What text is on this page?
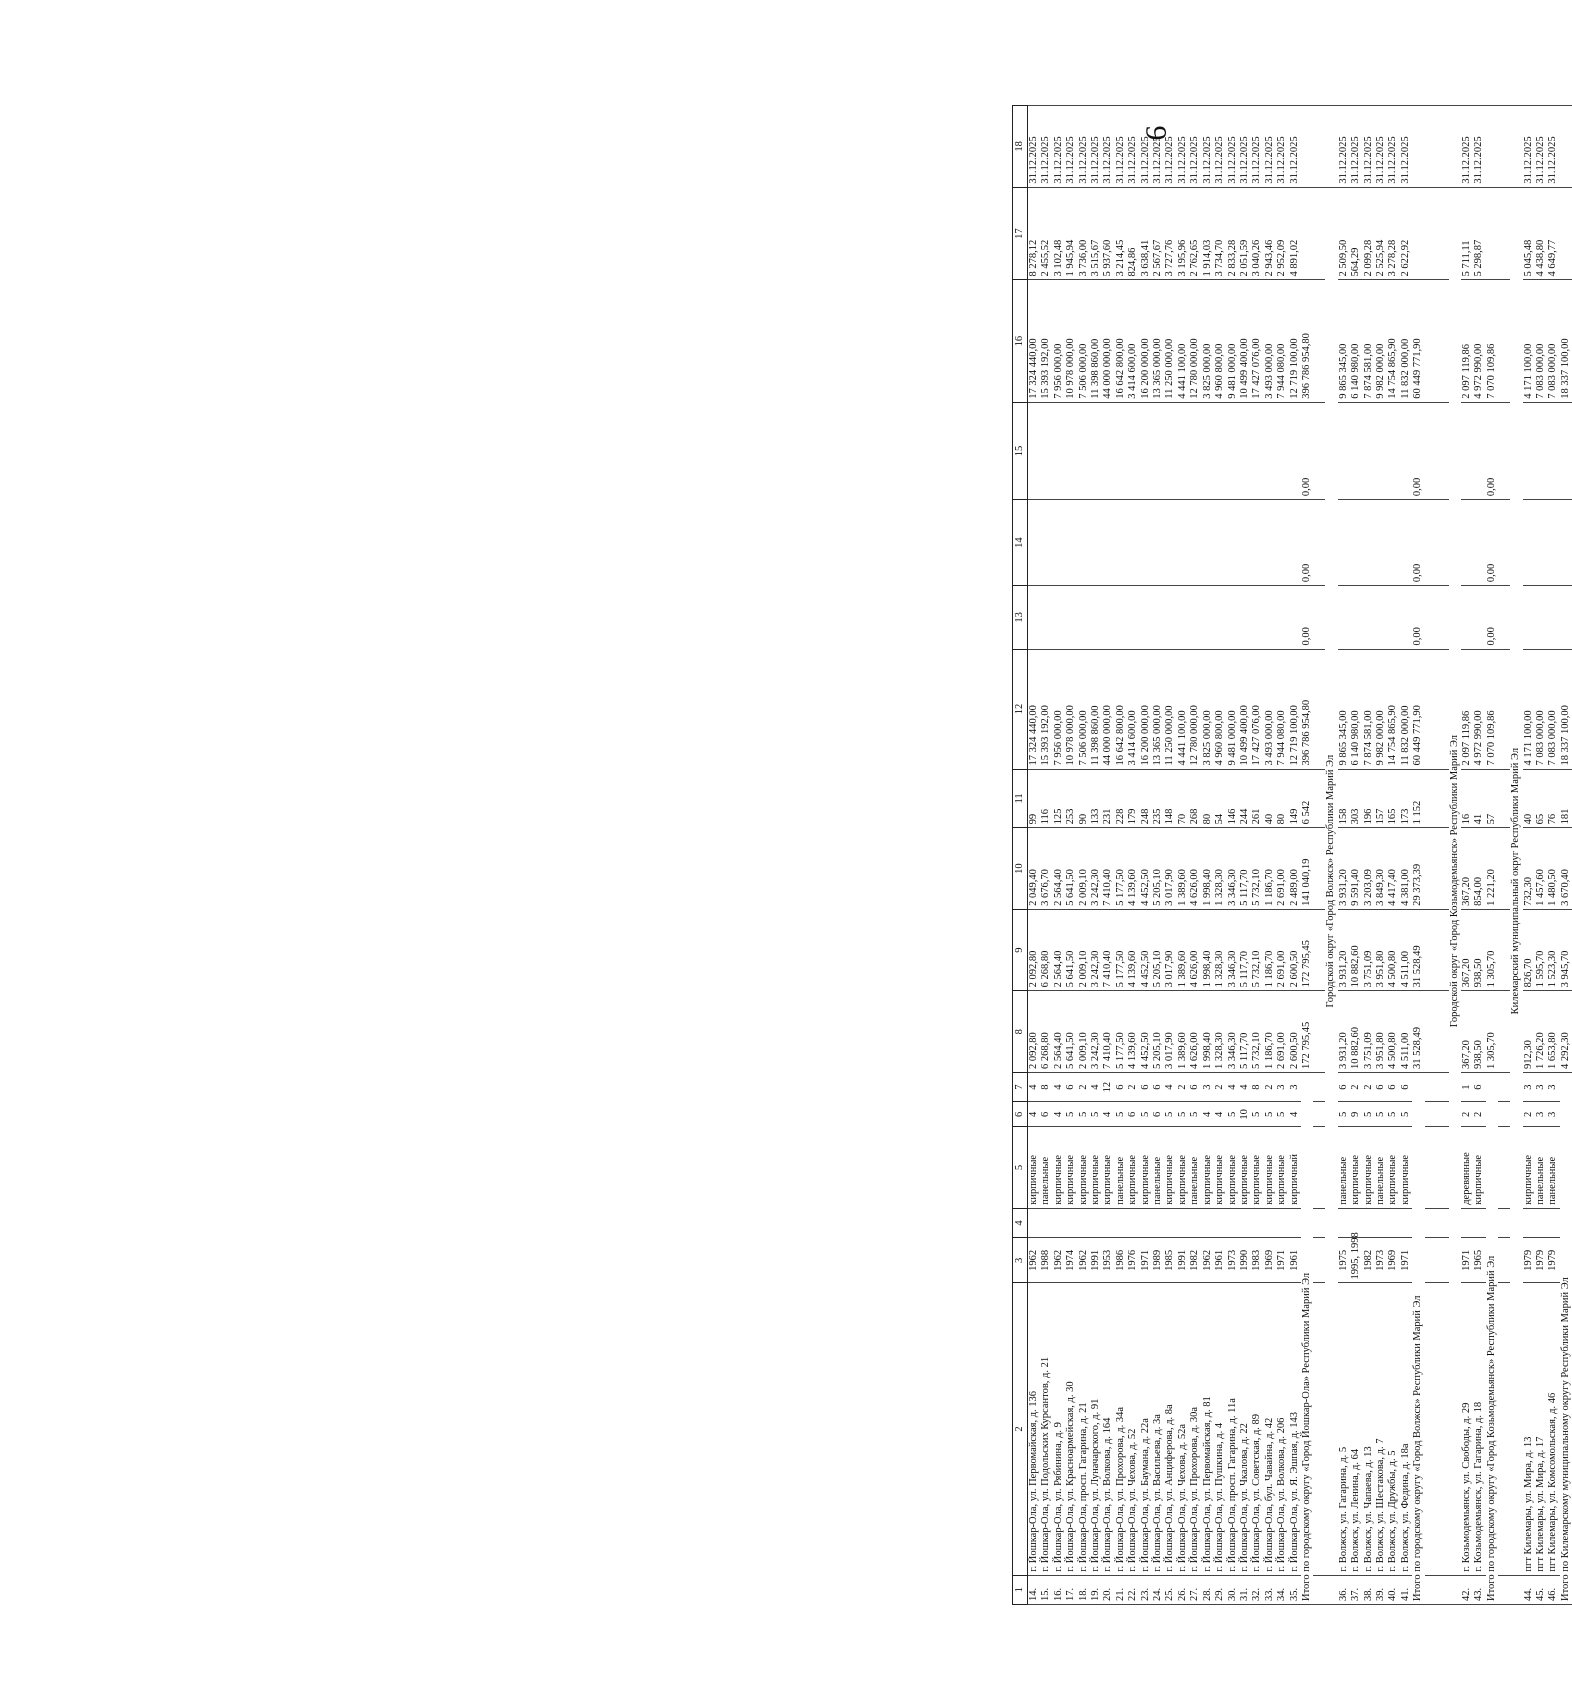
9
1	2	3	4	5	6	7	8	9	10	11	12	13	14	15	16	17	18
14.	г. Йошкар-Ола, ул. Первомайская, д. 136	1962		кирпичные	4	4	2 092,80	2 092,80	2 049,40	99	17 324 440,00				17 324 440,00	8 278,12	31.12.2025
15.	г. Йошкар-Ола, ул. Подольских Курсантов, д. 21	1988		панельные	6	8	6 268,80	6 268,80	3 676,70	116	15 393 192,00				15 393 192,00	2 455,52	31.12.2025
16.	г. Йошкар-Ола, ул. Рябинина, д. 9	1962		кирпичные	4	4	2 564,40	2 564,40	2 564,40	125	7 956 000,00				7 956 000,00	3 102,48	31.12.2025
17.	г. Йошкар-Ола, ул. Красноармейская, д. 30	1974		кирпичные	5	6	5 641,50	5 641,50	5 641,50	253	10 978 000,00				10 978 000,00	1 945,94	31.12.2025
18.	г. Йошкар-Ола, просп. Гагарина, д. 21	1962		кирпичные	5	2	2 009,10	2 009,10	2 009,10	90	7 506 000,00				7 506 000,00	3 736,00	31.12.2025
19.	г. Йошкар-Ола, ул. Луначарского, д. 91	1991		кирпичные	5	4	3 242,30	3 242,30	3 242,30	133	11 398 860,00				11 398 860,00	3 515,67	31.12.2025
20.	г. Йошкар-Ола, ул. Волкова, д. 164	1953		кирпичные	4	12	7 410,40	7 410,40	7 410,40	231	44 000 000,00				44 000 000,00	5 937,60	31.12.2025
21.	г. Йошкар-Ола, ул. Прохорова, д. 34а	1986		панельные	5	6	5 177,50	5 177,50	5 177,50	228	16 642 800,00				16 642 800,00	3 214,45	31.12.2025
22.	г. Йошкар-Ола, ул. Чехова, д. 52	1976		кирпичные	6	2	4 139,60	4 139,60	4 139,60	179	3 414 600,00				3 414 600,00	824,86	31.12.2025
23.	г. Йошкар-Ола, ул. Баумана, д. 22а	1971		кирпичные	5	6	4 452,50	4 452,50	4 452,50	248	16 200 000,00				16 200 000,00	3 638,41	31.12.2025
24.	г. Йошкар-Ола, ул. Васильева, д. 3а	1989		панельные	6	6	5 205,10	5 205,10	5 205,10	235	13 365 000,00				13 365 000,00	2 567,67	31.12.2025
25.	г. Йошкар-Ола, ул. Анциферова, д. 8а	1985		кирпичные	5	4	3 017,90	3 017,90	3 017,90	148	11 250 000,00				11 250 000,00	3 727,76	31.12.2025
26.	г. Йошкар-Ола, ул. Чехова, д. 52а	1991		кирпичные	5	2	1 389,60	1 389,60	1 389,60	70	4 441 100,00				4 441 100,00	3 195,96	31.12.2025
27.	г. Йошкар-Ола, ул. Прохорова, д. 30а	1982		панельные	5	6	4 626,00	4 626,00	4 626,00	268	12 780 000,00				12 780 000,00	2 762,65	31.12.2025
28.	г. Йошкар-Ола, ул. Первомайская, д. 81	1962		кирпичные	4	3	1 998,40	1 998,40	1 998,40	80	3 825 000,00				3 825 000,00	1 914,03	31.12.2025
29.	г. Йошкар-Ола, ул. Пушкина, д. 4	1961		кирпичные	4	2	1 328,30	1 328,30	1 328,30	54	4 960 800,00				4 960 800,00	3 734,70	31.12.2025
30.	г. Йошкар-Ола, просп. Гагарина, д. 11а	1973		кирпичные	5	4	3 346,30	3 346,30	3 346,30	146	9 481 000,00				9 481 000,00	2 833,28	31.12.2025
31.	г. Йошкар-Ола, ул. Чкалова, д. 22	1990		кирпичные	10	4	5 117,70	5 117,70	5 117,70	244	10 499 400,00				10 499 400,00	2 051,59	31.12.2025
32.	г. Йошкар-Ола, ул. Советская, д. 89	1983		кирпичные	5	8	5 732,10	5 732,10	5 732,10	261	17 427 076,00				17 427 076,00	3 040,26	31.12.2025
33.	г. Йошкар-Ола, бул. Чавайна, д. 42	1969		кирпичные	5	2	1 186,70	1 186,70	1 186,70	40	3 493 000,00				3 493 000,00	2 943,46	31.12.2025
34.	г. Йошкар-Ола, ул. Волкова, д. 206	1971		кирпичные	5	3	2 691,00	2 691,00	2 691,00	80	7 944 080,00				7 944 080,00	2 952,09	31.12.2025
35.	г. Йошкар-Ола, ул. Я. Эшпая, д. 143	1961		кирпичный	4	3	2 600,50	2 600,50	2 489,00	149	12 719 100,00				12 719 100,00	4 891,02	31.12.2025
Итого по городскому округу «Город Йошкар-Ола» Республики Марий Эл							172 795,45	172 795,45	141 040,19	6 542	396 786 954,80	0,00	0,00	0,00	396 786 954,80		

	Городской округ «Город Волжск» Республики Марий Эл																
36.	г. Волжск, ул. Гагарина, д. 5	1975		панельные	5	6	3 931,20	3 931,20	3 931,20	158	9 865 345,00				9 865 345,00	2 509,50	31.12.2025
37.	г. Волжск, ул. Ленина, д. 64	1995, 1998		кирпичные	9	2	10 882,60	10 882,60	9 591,40	303	6 140 980,00				6 140 980,00	564,29	31.12.2025
38.	г. Волжск, ул. Чапаева, д. 13	1982		кирпичные	5	2	3 751,09	3 751,09	3 203,09	196	7 874 581,00				7 874 581,00	2 099,28	31.12.2025
39.	г. Волжск, ул. Шестакова, д. 7	1973		панельные	5	6	3 951,80	3 951,80	3 849,30	157	9 982 000,00				9 982 000,00	2 525,94	31.12.2025
40.	г. Волжск, ул. Дружбы, д. 5	1969		кирпичные	5	6	4 500,80	4 500,80	4 417,40	165	14 754 865,90				14 754 865,90	3 278,28	31.12.2025
41.	г. Волжск, ул. Федина, д. 18а	1971		кирпичные	5	6	4 511,00	4 511,00	4 381,00	173	11 832 000,00				11 832 000,00	2 622,92	31.12.2025
Итого по городскому округу «Город Волжск» Республики Марий Эл							31 528,49	31 528,49	29 373,39	1 152	60 449 771,90	0,00	0,00	0,00	60 449 771,90		

	Городской округ «Город Козьмодемьянск» Республики Марий Эл																
42.	г. Козьмодемьянск, ул. Свободы, д. 29	1971		деревянные	2	1	367,20	367,20	367,20	16	2 097 119,86				2 097 119,86	5 711,11	31.12.2025
43.	г. Козьмодемьянск, ул. Гагарина, д. 18	1965		кирпичные	2	6	938,50	938,50	854,00	41	4 972 990,00				4 972 990,00	5 298,87	31.12.2025
Итого по городскому округу «Город Козьмодемьянск» Республики Марий Эл							1 305,70	1 305,70	1 221,20	57	7 070 109,86	0,00	0,00	0,00	7 070 109,86		

	Килемарский муниципальный округ Республики Марий Эл																
44.	пгт Килемары, ул. Мира, д. 13	1979		кирпичные	2	3	912,30	826,70	732,30	40	4 171 100,00				4 171 100,00	5 045,48	31.12.2025
45.	пгт Килемары, ул. Мира, д. 17	1979		панельные	3	3	1 726,20	1 595,70	1 457,60	65	7 083 000,00				7 083 000,00	4 438,80	31.12.2025
46.	пгт Килемары, ул. Комсомольская, д. 46	1979		панельные	3	3	1 653,80	1 523,30	1 480,50	76	7 083 000,00				7 083 000,00	4 649,77	31.12.2025
Итого по Килемарскому муниципальному округу Республики Марий Эл							4 292,30	3 945,70	3 670,40	181	18 337 100,00				18 337 100,00		
